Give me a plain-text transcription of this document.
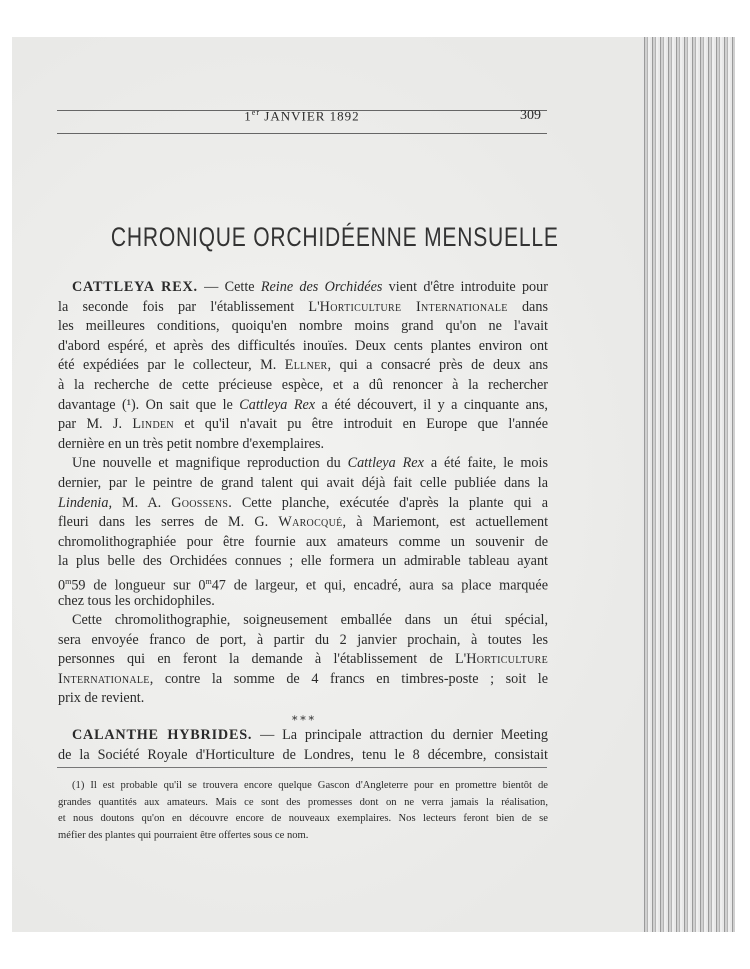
1er JANVIER 1892	309
CHRONIQUE ORCHIDÉENNE MENSUELLE
CATTLEYA REX. — Cette Reine des Orchidées vient d'être introduite pour
la seconde fois par l'établissement L'Horticulture Internationale dans
les meilleures conditions, quoiqu'en nombre moins grand qu'on ne l'avait
d'abord espéré, et après des difficultés inouïes. Deux cents plantes environ ont
été expédiées par le collecteur, M. Ellner, qui a consacré près de deux ans
à la recherche de cette précieuse espèce, et a dû renoncer à la rechercher
davantage (¹). On sait que le Cattleya Rex a été découvert, il y a cinquante ans,
par M. J. Linden et qu'il n'avait pu être introduit en Europe que l'année
dernière en un très petit nombre d'exemplaires.
Une nouvelle et magnifique reproduction du Cattleya Rex a été faite, le mois
dernier, par le peintre de grand talent qui avait déjà fait celle publiée dans la
Lindenia, M. A. Goossens. Cette planche, exécutée d'après la plante qui a
fleuri dans les serres de M. G. Warocqué, à Mariemont, est actuellement
chromolithographiée pour être fournie aux amateurs comme un souvenir de
la plus belle des Orchidées connues ; elle formera un admirable tableau ayant
0$^m$59 de longueur sur 0$^m$47 de largeur, et qui, encadré, aura sa place marquée
chez tous les orchidophiles.
Cette chromolithographie, soigneusement emballée dans un étui spécial,
sera envoyée franco de port, à partir du 2 janvier prochain, à toutes les
personnes qui en feront la demande à l'établissement de L'Horticulture
Internationale, contre la somme de 4 francs en timbres-poste ; soit le
prix de revient.
⁎ ⁎ ⁎
CALANTHE HYBRIDES. — La principale attraction du dernier Meeting
de la Société Royale d'Horticulture de Londres, tenu le 8 décembre, consistait
(1) Il est probable qu'il se trouvera encore quelque Gascon d'Angleterre pour en promettre bientôt de
grandes quantités aux amateurs. Mais ce sont des promesses dont on ne verra jamais la réalisation,
et nous doutons qu'on en découvre encore de nouveaux exemplaires. Nos lecteurs feront bien de se
méfier des plantes qui pourraient être offertes sous ce nom.
